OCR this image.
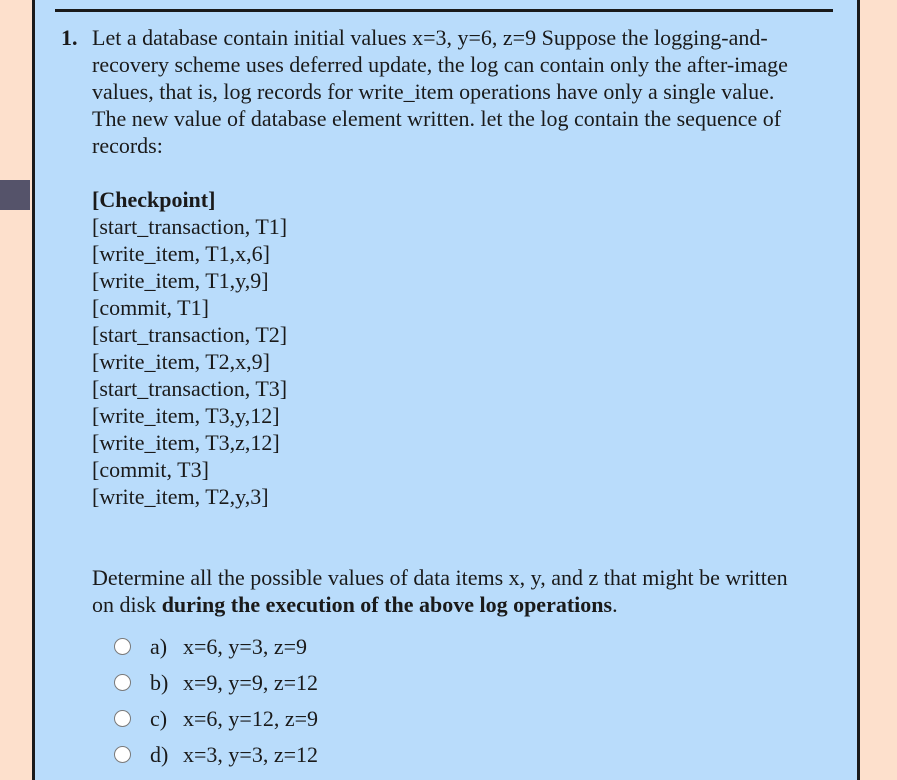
1. Let a database contain initial values x=3, y=6, z=9 Suppose the logging-and-recovery scheme uses deferred update, the log can contain only the after-image values, that is, log records for write_item operations have only a single value. The new value of database element written. let the log contain the sequence of records:
[Checkpoint]
[start_transaction, T1]
[write_item, T1,x,6]
[write_item, T1,y,9]
[commit, T1]
[start_transaction, T2]
[write_item, T2,x,9]
[start_transaction, T3]
[write_item, T3,y,12]
[write_item, T3,z,12]
[commit, T3]
[write_item, T2,y,3]
Determine all the possible values of data items x, y, and z that might be written on disk during the execution of the above log operations.
a) x=6, y=3, z=9
b) x=9, y=9, z=12
c) x=6, y=12, z=9
d) x=3, y=3, z=12
